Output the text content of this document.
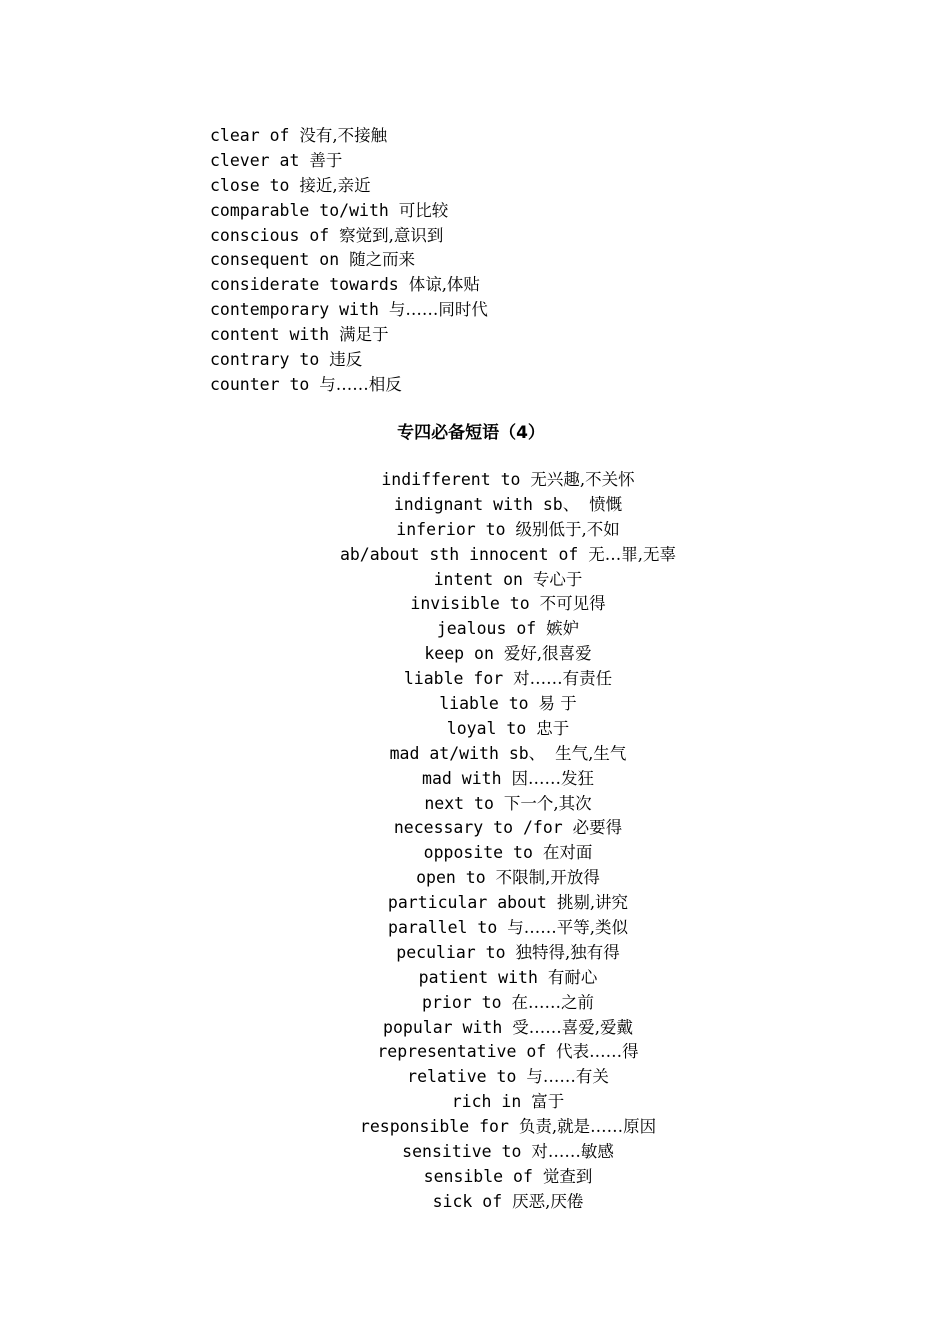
clear of 没有,不接触
clever at 善于
close to 接近,亲近
comparable to/with 可比较
conscious of 察觉到,意识到
consequent on 随之而来
considerate towards 体谅,体贴
contemporary with 与……同时代
content with 满足于
contrary to 违反
counter to 与……相反
专四必备短语（4）
indifferent to 无兴趣,不关怀
indignant with sb、 愤慨
inferior to 级别低于,不如
ab/about sth innocent of 无…罪,无辜
intent on 专心于
invisible to 不可见得
jealous of 嫉妒
keep on 爱好,很喜爱
liable for 对……有责任
liable to 易 于
loyal to 忠于
mad at/with sb、 生气,生气
mad with 因……发狂
next to 下一个,其次
necessary to /for 必要得
opposite to 在对面
open to 不限制,开放得
particular about 挑剔,讲究
parallel to 与……平等,类似
peculiar to 独特得,独有得
patient with 有耐心
prior to 在……之前
popular with 受……喜爱,爱戴
representative of 代表……得
relative to 与……有关
rich in 富于
responsible for 负责,就是……原因
sensitive to 对……敏感
sensible of 觉查到
sick of 厌恶,厌倦
